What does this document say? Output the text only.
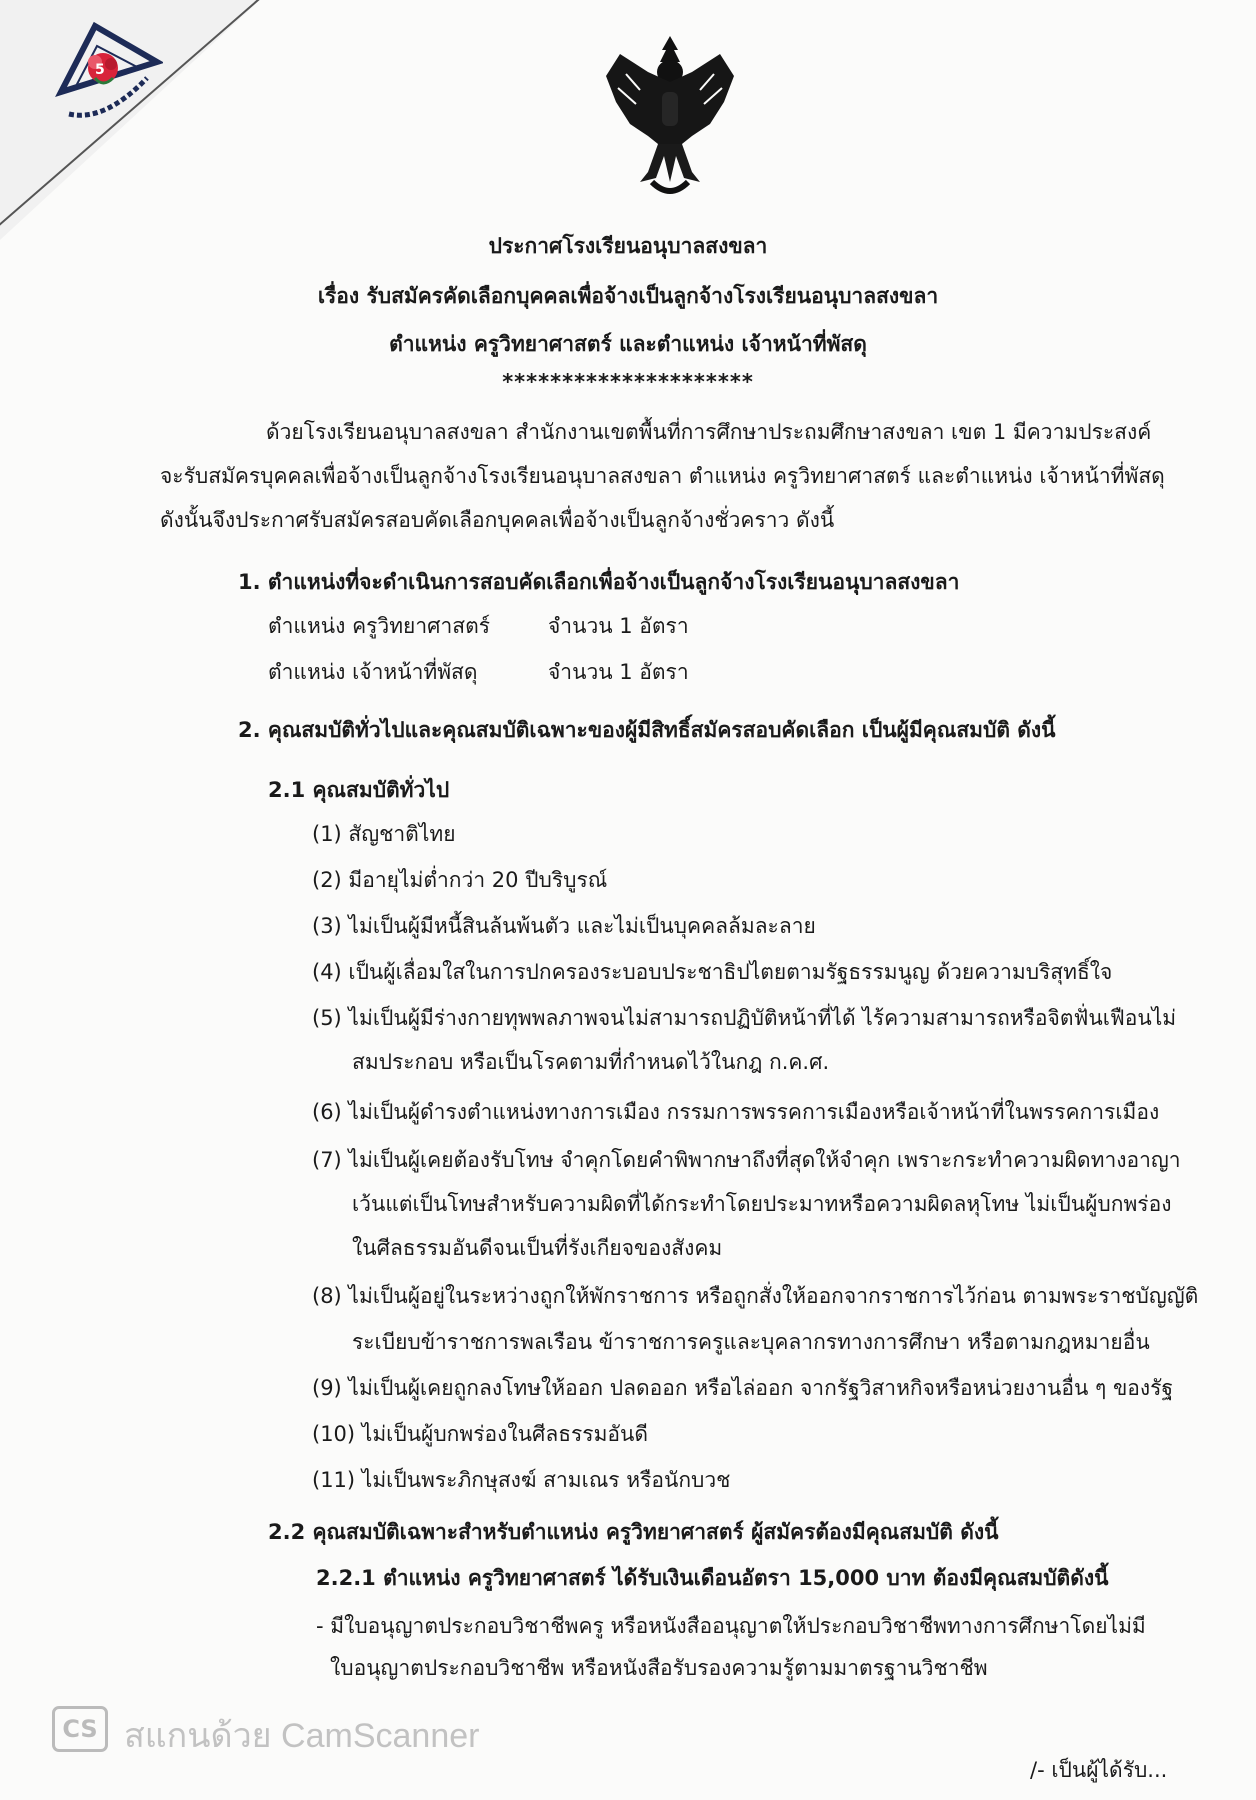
5
ประกาศโรงเรียนอนุบาลสงขลา
เรื่อง รับสมัครคัดเลือกบุคคลเพื่อจ้างเป็นลูกจ้างโรงเรียนอนุบาลสงขลา
ตำแหน่ง ครูวิทยาศาสตร์ และตำแหน่ง เจ้าหน้าที่พัสดุ
*********************
ด้วยโรงเรียนอนุบาลสงขลา สำนักงานเขตพื้นที่การศึกษาประถมศึกษาสงขลา เขต 1 มีความประสงค์
จะรับสมัครบุคคลเพื่อจ้างเป็นลูกจ้างโรงเรียนอนุบาลสงขลา ตำแหน่ง ครูวิทยาศาสตร์ และตำแหน่ง เจ้าหน้าที่พัสดุ
ดังนั้นจึงประกาศรับสมัครสอบคัดเลือกบุคคลเพื่อจ้างเป็นลูกจ้างชั่วคราว ดังนี้
1. ตำแหน่งที่จะดำเนินการสอบคัดเลือกเพื่อจ้างเป็นลูกจ้างโรงเรียนอนุบาลสงขลา
ตำแหน่ง ครูวิทยาศาสตร์	จำนวน 1 อัตรา
ตำแหน่ง เจ้าหน้าที่พัสดุ	จำนวน 1 อัตรา
2. คุณสมบัติทั่วไปและคุณสมบัติเฉพาะของผู้มีสิทธิ์สมัครสอบคัดเลือก เป็นผู้มีคุณสมบัติ ดังนี้
2.1 คุณสมบัติทั่วไป
(1) สัญชาติไทย
(2) มีอายุไม่ต่ำกว่า 20 ปีบริบูรณ์
(3) ไม่เป็นผู้มีหนี้สินล้นพ้นตัว และไม่เป็นบุคคลล้มละลาย
(4) เป็นผู้เลื่อมใสในการปกครองระบอบประชาธิปไตยตามรัฐธรรมนูญ ด้วยความบริสุทธิ์ใจ
(5) ไม่เป็นผู้มีร่างกายทุพพลภาพจนไม่สามารถปฏิบัติหน้าที่ได้ ไร้ความสามารถหรือจิตฟั่นเฟือนไม่
สมประกอบ หรือเป็นโรคตามที่กำหนดไว้ในกฎ ก.ค.ศ.
(6) ไม่เป็นผู้ดำรงตำแหน่งทางการเมือง กรรมการพรรคการเมืองหรือเจ้าหน้าที่ในพรรคการเมือง
(7) ไม่เป็นผู้เคยต้องรับโทษ จำคุกโดยคำพิพากษาถึงที่สุดให้จำคุก เพราะกระทำความผิดทางอาญา
เว้นแต่เป็นโทษสำหรับความผิดที่ได้กระทำโดยประมาทหรือความผิดลหุโทษ ไม่เป็นผู้บกพร่อง
ในศีลธรรมอันดีจนเป็นที่รังเกียจของสังคม
(8) ไม่เป็นผู้อยู่ในระหว่างถูกให้พักราชการ หรือถูกสั่งให้ออกจากราชการไว้ก่อน ตามพระราชบัญญัติ
ระเบียบข้าราชการพลเรือน ข้าราชการครูและบุคลากรทางการศึกษา หรือตามกฎหมายอื่น
(9) ไม่เป็นผู้เคยถูกลงโทษให้ออก ปลดออก หรือไล่ออก จากรัฐวิสาหกิจหรือหน่วยงานอื่น ๆ ของรัฐ
(10) ไม่เป็นผู้บกพร่องในศีลธรรมอันดี
(11) ไม่เป็นพระภิกษุสงฆ์ สามเณร หรือนักบวช
2.2 คุณสมบัติเฉพาะสำหรับตำแหน่ง ครูวิทยาศาสตร์ ผู้สมัครต้องมีคุณสมบัติ ดังนี้
2.2.1 ตำแหน่ง ครูวิทยาศาสตร์ ได้รับเงินเดือนอัตรา 15,000 บาท ต้องมีคุณสมบัติดังนี้
- มีใบอนุญาตประกอบวิชาชีพครู หรือหนังสืออนุญาตให้ประกอบวิชาชีพทางการศึกษาโดยไม่มี
ใบอนุญาตประกอบวิชาชีพ หรือหนังสือรับรองความรู้ตามมาตรฐานวิชาชีพ
/- เป็นผู้ได้รับ...
CS สแกนด้วย CamScanner
